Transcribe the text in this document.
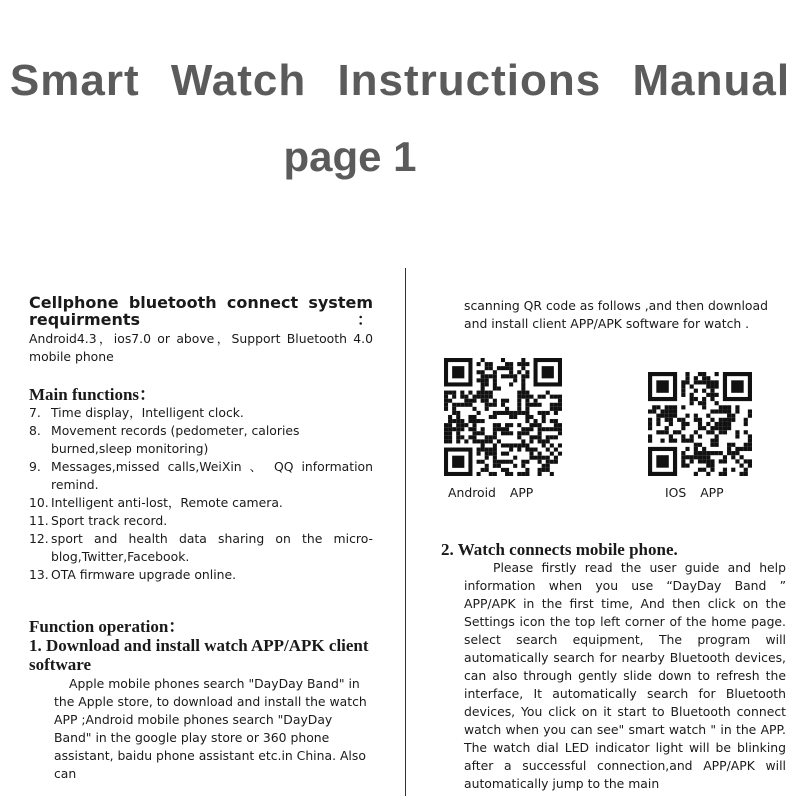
Smart Watch Instructions Manual
page 1
Cellphone bluetooth connect system requirments：
Android4.3，ios7.0 or above，Support Bluetooth 4.0 mobile phone
Main functions：
7. Time display，Intelligent clock.
8. Movement records (pedometer, calories burned,sleep monitoring)
9. Messages,missed calls,WeiXin 、 QQ information remind.
10. Intelligent anti-lost，Remote camera.
11. Sport track record.
12. sport and health data sharing on the micro-blog,Twitter,Facebook.
13. OTA firmware upgrade online.
Function operation：
1. Download and install watch APP/APK client software
Apple mobile phones search "DayDay Band" in the Apple store, to download and install the watch APP ;Android mobile phones search "DayDay Band" in the google play store or 360 phone assistant, baidu phone assistant etc.in China. Also can
scanning QR code as follows ,and then download and install client APP/APK software for watch .
Android APP	IOS APP
2. Watch connects mobile phone.
Please firstly read the user guide and help information when you use “DayDay Band ” APP/APK in the first time, And then click on the Settings icon the top left corner of the home page. select search equipment, The program will automatically search for nearby Bluetooth devices, can also through gently slide down to refresh the interface, It automatically search for Bluetooth devices, You click on it start to Bluetooth connect watch when you can see" smart watch " in the APP. The watch dial LED indicator light will be blinking after a successful connection,and APP/APK will automatically jump to the main
